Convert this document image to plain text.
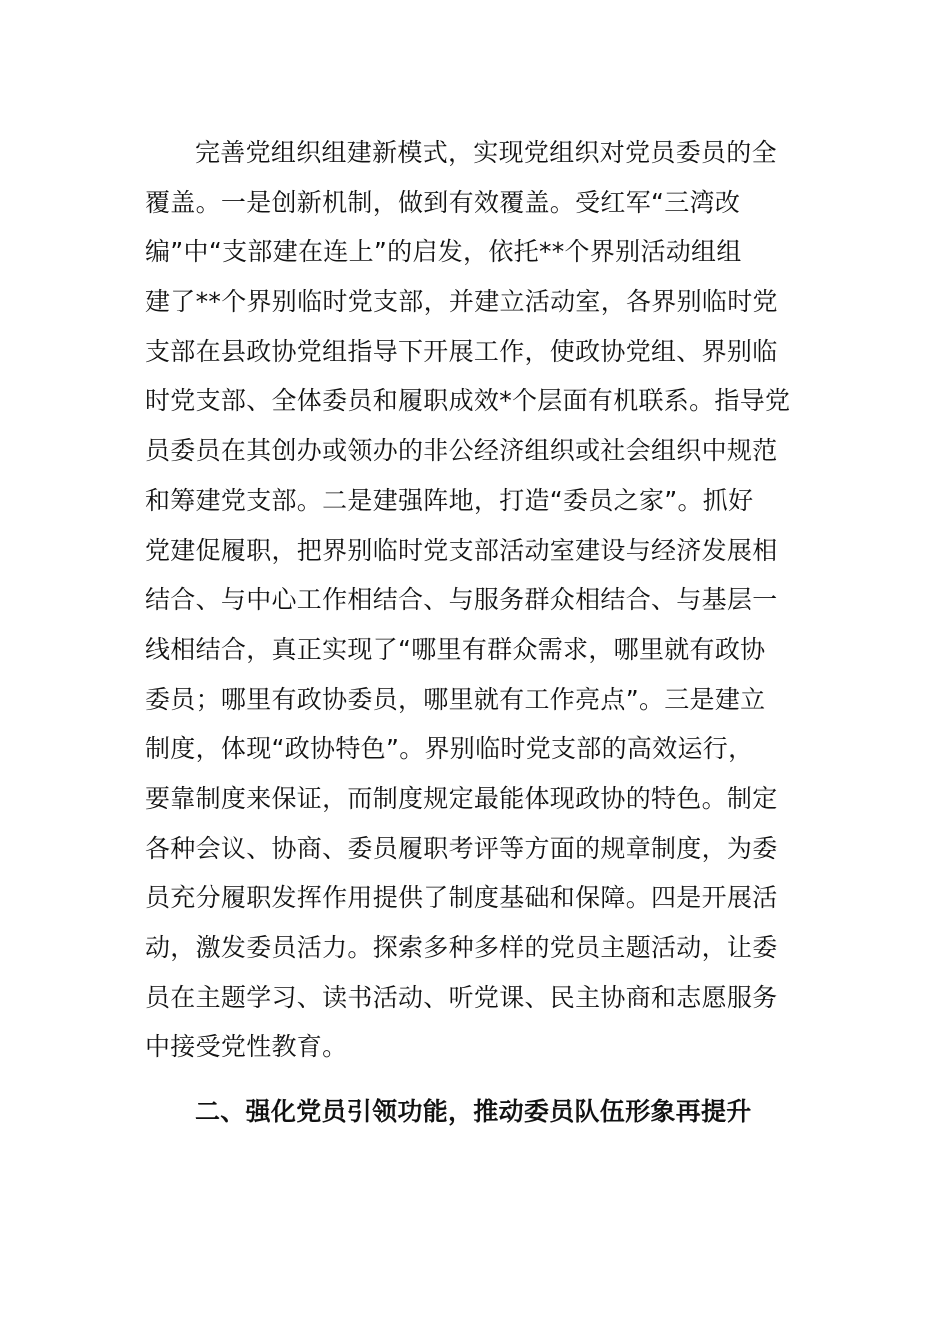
完善党组织组建新模式，实现党组织对党员委员的全
覆盖。一是创新机制，做到有效覆盖。受红军“三湾改
编”中“支部建在连上”的启发，依托**个界别活动组组
建了**个界别临时党支部，并建立活动室，各界别临时党
支部在县政协党组指导下开展工作，使政协党组、界别临
时党支部、全体委员和履职成效*个层面有机联系。指导党
员委员在其创办或领办的非公经济组织或社会组织中规范
和筹建党支部。二是建强阵地，打造“委员之家”。抓好
党建促履职，把界别临时党支部活动室建设与经济发展相
结合、与中心工作相结合、与服务群众相结合、与基层一
线相结合，真正实现了“哪里有群众需求，哪里就有政协
委员；哪里有政协委员，哪里就有工作亮点”。三是建立
制度，体现“政协特色”。界别临时党支部的高效运行，
要靠制度来保证，而制度规定最能体现政协的特色。制定
各种会议、协商、委员履职考评等方面的规章制度，为委
员充分履职发挥作用提供了制度基础和保障。四是开展活
动，激发委员活力。探索多种多样的党员主题活动，让委
员在主题学习、读书活动、听党课、民主协商和志愿服务
中接受党性教育。
二、强化党员引领功能，推动委员队伍形象再提升
